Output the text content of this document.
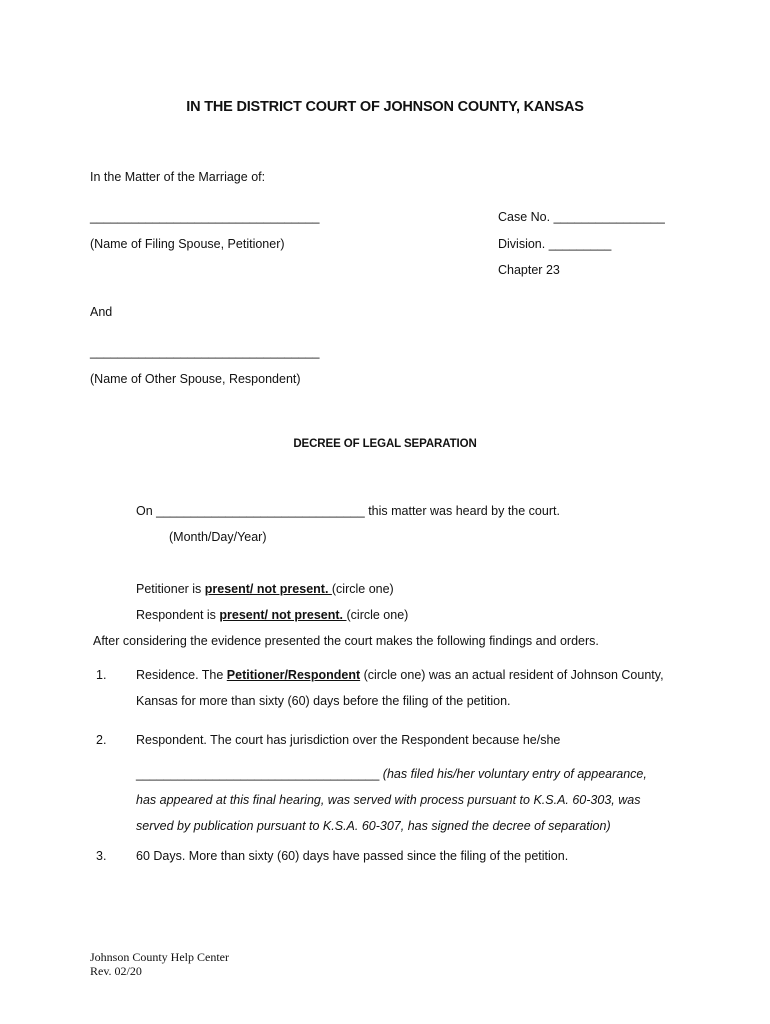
IN THE DISTRICT COURT OF JOHNSON COUNTY, KANSAS
In the Matter of the Marriage of:
_________________________________
(Name of Filing Spouse, Petitioner)
Case No. ________________
Division. _________
Chapter 23
And
_________________________________
(Name of Other Spouse, Respondent)
DECREE OF LEGAL SEPARATION
On ______________________________ this matter was heard by the court.
(Month/Day/Year)
Petitioner is present/ not present. (circle one)
Respondent is present/ not present. (circle one)
After considering the evidence presented the court makes the following findings and orders.
1. Residence. The Petitioner/Respondent (circle one) was an actual resident of Johnson County,
Kansas for more than sixty (60) days before the filing of the petition.
2. Respondent. The court has jurisdiction over the Respondent because he/she
___________________________________ (has filed his/her voluntary entry of appearance,
has appeared at this final hearing, was served with process pursuant to K.S.A. 60-303, was
served by publication pursuant to K.S.A. 60-307, has signed the decree of separation)
3. 60 Days. More than sixty (60) days have passed since the filing of the petition.
Johnson County Help Center
Rev. 02/20
